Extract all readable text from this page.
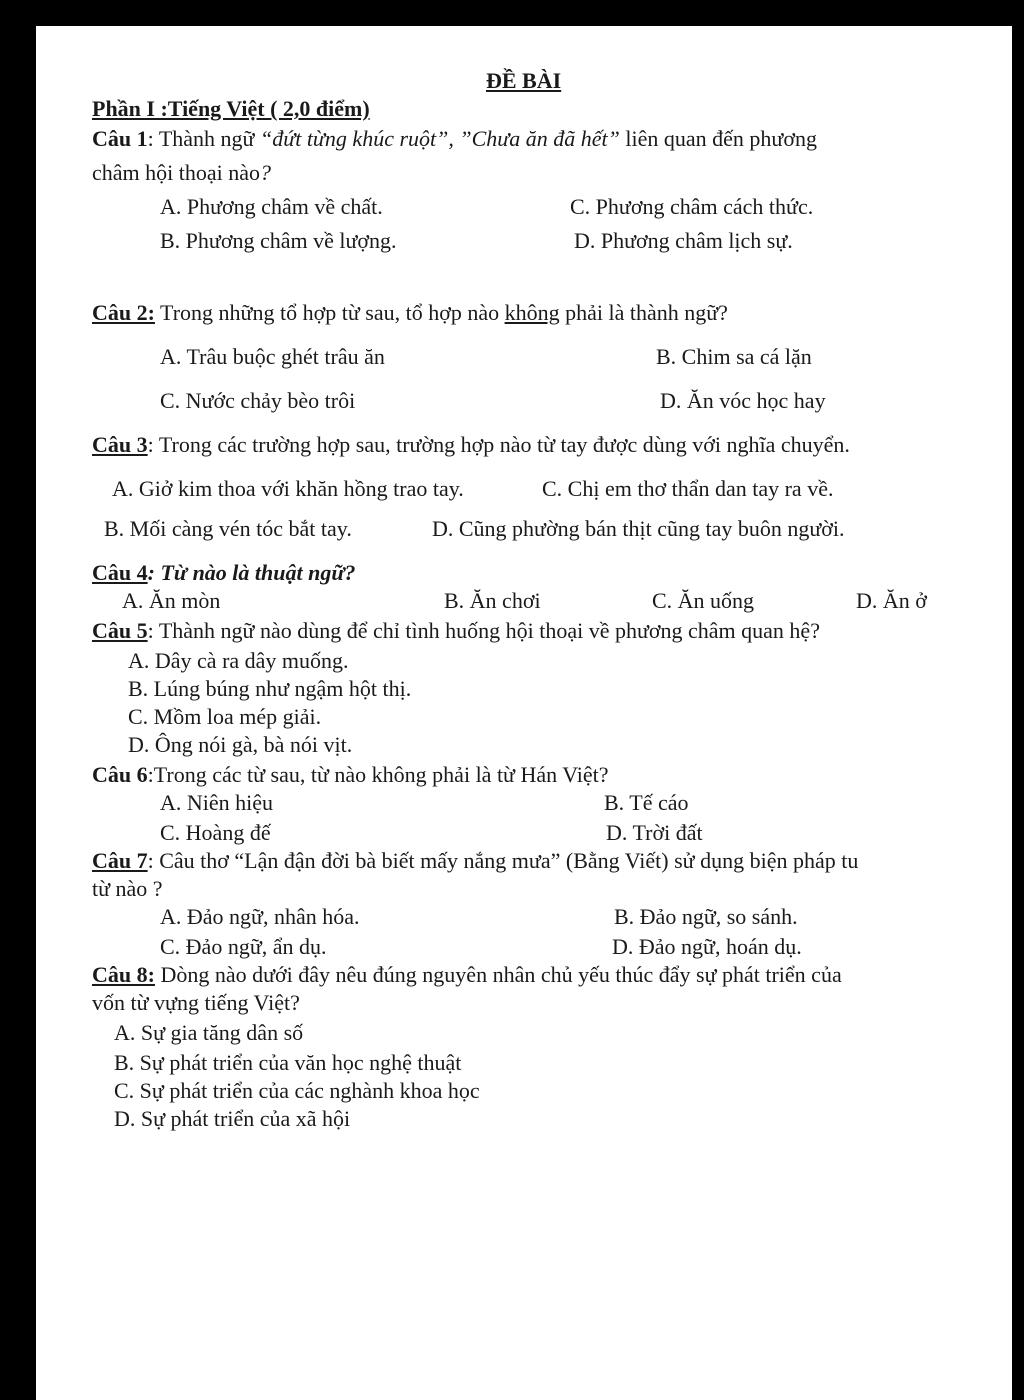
ĐỀ BÀI
Phần I :Tiếng Việt ( 2,0 điểm)
Câu 1: Thành ngữ “đứt từng khúc ruột”, ”Chưa ăn đã hết” liên quan đến phương
châm hội thoại nào?
A. Phương châm về chất.	C. Phương châm cách thức.
B. Phương châm về lượng.	D. Phương châm lịch sự.
Câu 2: Trong những tổ hợp từ sau, tổ hợp nào không phải là thành ngữ?
A. Trâu buộc ghét trâu ăn	B. Chim sa cá lặn
C. Nước chảy bèo trôi	D. Ăn vóc học hay
Câu 3: Trong các trường hợp sau, trường hợp nào từ tay được dùng với nghĩa chuyển.
A. Giở kim thoa với khăn hồng trao tay.	C. Chị em thơ thẩn dan tay ra về.
B. Mối càng vén tóc bắt tay.	D. Cũng phường bán thịt cũng tay buôn người.
Câu 4: Từ nào là thuật ngữ?
A. Ăn mòn	B. Ăn chơi	C. Ăn uống	D. Ăn ở
Câu 5: Thành ngữ nào dùng để chỉ tình huống hội thoại về phương châm quan hệ?
A. Dây cà ra dây muống.
B. Lúng búng như ngậm hột thị.
C. Mồm loa mép giải.
D. Ông nói gà, bà nói vịt.
Câu 6:Trong các từ sau, từ nào không phải là từ Hán Việt?
A. Niên hiệu	B. Tế cáo
C. Hoàng đế	D. Trời đất
Câu 7: Câu thơ “Lận đận đời bà biết mấy nắng mưa” (Bằng Viết) sử dụng biện pháp tu
từ nào ?
A. Đảo ngữ, nhân hóa.	B. Đảo ngữ, so sánh.
C. Đảo ngữ, ẩn dụ.	D. Đảo ngữ, hoán dụ.
Câu 8: Dòng nào dưới đây nêu đúng nguyên nhân chủ yếu thúc đẩy sự phát triển của
vốn từ vựng tiếng Việt?
A. Sự gia tăng dân số
B. Sự phát triển của văn học nghệ thuật
C. Sự phát triển của các nghành khoa học
D. Sự phát triển của xã hội
